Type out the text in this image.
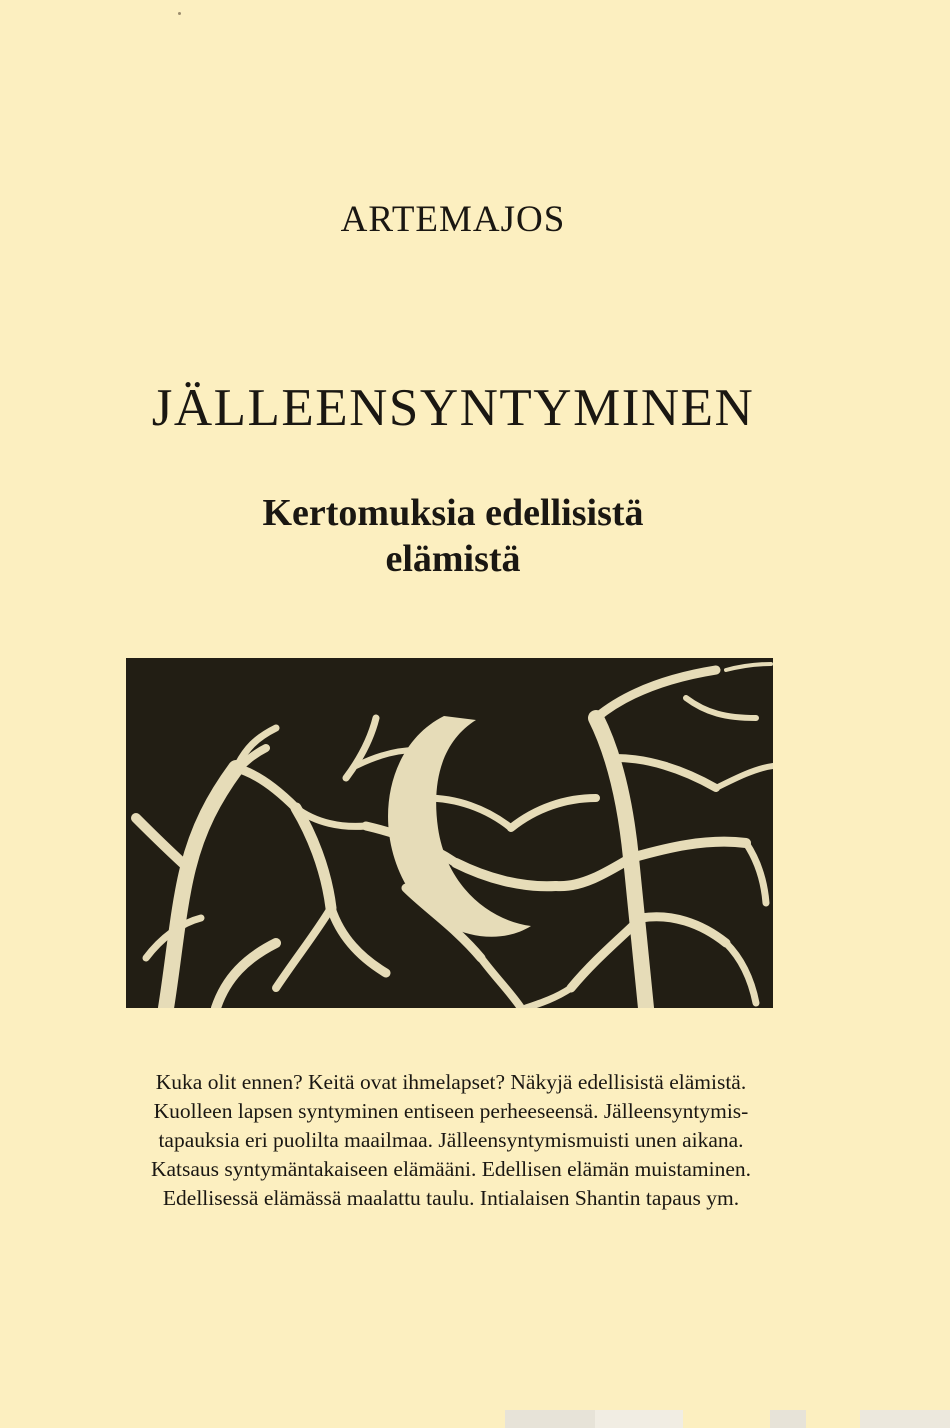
ARTEMAJOS
JÄLLEENSYNTYMINEN
Kertomuksia edellisistä
elämistä
Kuka olit ennen? Keitä ovat ihmelapset? Näkyjä edellisistä elämistä.
Kuolleen lapsen syntyminen entiseen perheeseensä. Jälleensyntymis-
tapauksia eri puolilta maailmaa. Jälleensyntymismuisti unen aikana.
Katsaus syntymäntakaiseen elämääni. Edellisen elämän muistaminen.
Edellisessä elämässä maalattu taulu. Intialaisen Shantin tapaus ym.
